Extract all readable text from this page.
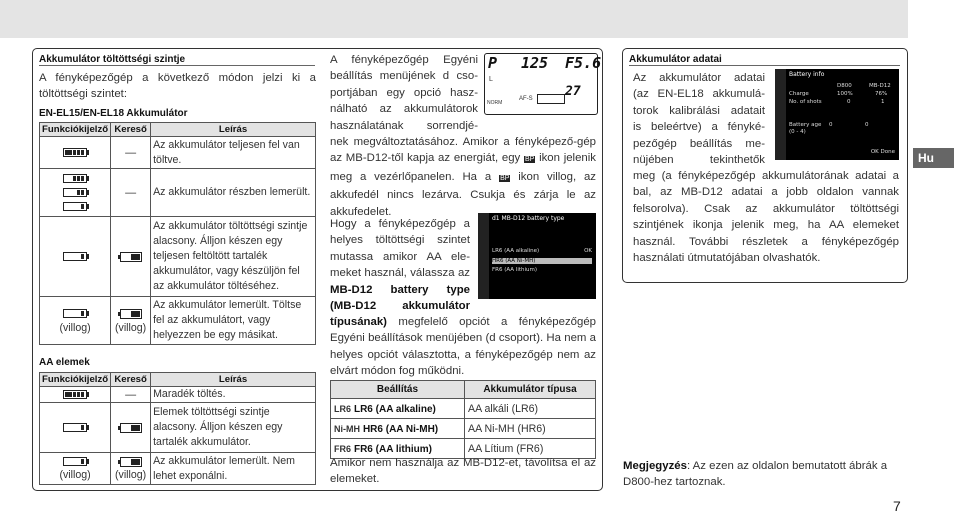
Hu
7
Akkumulátor töltöttségi szintje
A fényképezőgép a következő módon jelzi ki a töltöttségi szintet:
EN-EL15/EN-EL18 Akkumulátor
Funkciókijelző	Kereső	Leírás

	—	Az akkumulátor teljesen fel van töltve.

	—	Az akkumulátor részben lemerült.

		Az akkumulátor töltöttségi szintje alacsony. Álljon készen egy teljesen feltöltött tartalék akkumulátor, vagy készüljön fel az akkumulátor töltéséhez.

(villog)	(villog)	Az akkumulátor lemerült. Töltse fel az akkumulátort, vagy helyezzen be egy másikat.
AA elemek
Funkciókijelző	Kereső	Leírás

	—	Maradék töltés.

		Elemek töltöttségi szintje alacsony. Álljon készen egy tartalék akkumulátor.

(villog)	(villog)	Az akkumulátor lemerült. Nem lehet exponálni.
A fényképezőgép Egyéni
beállítás menüjének d cso-
portjában egy opció hasz-
nálható az akkumulátorok
használatának sorrendjé-
P 125 F5.6
L
NORM
AF-S 27
nek megváltoztatásához. Amikor a fényképező-gép az MB-D12-től kapja az energiát, egy BP ikon jelenik meg a vezérlőpanelen. Ha a BP ikon villog, az akkufedél nincs lezárva. Csukja és zárja le az akkufedelet.
Hogy a fényképezőgép a
helyes töltöttségi szintet
mutassa amikor AA ele-
meket használ, válassza az
MB-D12 battery type
(MB-D12 akkumulátor
d1 MB-D12 battery type
LR6 (AA alkaline)
HR6 (AA Ni-MH)
FR6 (AA lithium)
OK
típusának) megfelelő opciót a fényképezőgép Egyéni beállítások menüjében (d csoport). Ha nem a helyes opciót választotta, a fényképezőgép nem az elvárt módon fog működni.
Beállítás	Akkumulátor típusa
LR6 LR6 (AA alkaline)	AA alkáli (LR6)
Ni-MH HR6 (AA Ni-MH)	AA Ni-MH (HR6)
FR6 FR6 (AA lithium)	AA Lítium (FR6)
Amikor nem használja az MB-D12-et, távolítsa el az elemeket.
Akkumulátor adatai
Az akkumulátor adatai
(az EN-EL18 akkumulá-
torok kalibrálási adatait
is beleértve) a fényké-
pezőgép beállítás me-
nüjében tekinthetők
Battery info
D800	MB-D12
Charge	100%	76%
No. of shots	0	1
Battery age 0	0
(0 - 4)
OK Done
meg (a fényképezőgép akkumulátorának adatai a bal, az MB-D12 adatai a jobb oldalon vannak felsorolva). Csak az akkumulátor töltöttségi szintjének ikonja jelenik meg, ha AA elemeket használ. További részletek a fényképezőgép használati útmutatójában olvashatók.
Megjegyzés: Az ezen az oldalon bemutatott ábrák a D800-hez tartoznak.
